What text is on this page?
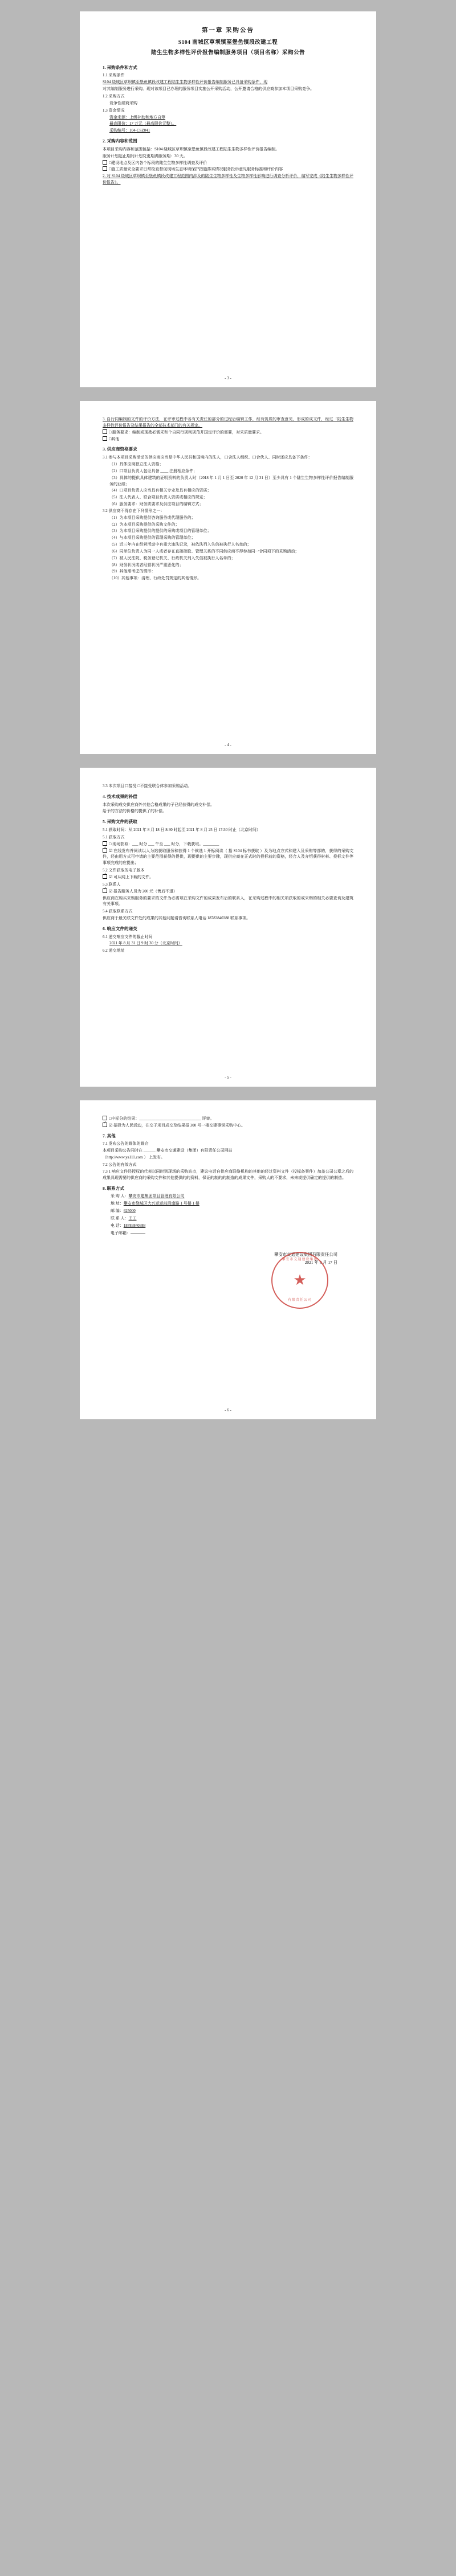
第一章 采购公告
S104 南城区草坝镇至堡鱼镇段改建工程
陆生生物多样性评价报告编制服务项目（项目名称）采购公告
1. 采购条件和方式
1.1 采购条件
S104 绕城区草坝镇至堡鱼镇段改建工程陆生生物多样性评价报告编制服务已具备采购条件，现
对其编制服务进行采购。现对该项目已办理的服务项目实施公开采购活动，公开邀请合格的供应商参加本项目采购竞争。
1.2 采购方式
竞争性磋商采购
1.3 资金情况
资金来源：上级补助和地方自筹
最高限价：17 万元（最高限价元整）。
采购编号：104-CSZ041
2. 采购内容和范围
本项目采购内容和范围包括：S104 绕城区草坝镇至堡鱼镇段改建工程陆生生物多样性评价报告编制。
服务计划起止期间计划变更期满服务期：30 天。
□建设地点及区内各个标段的陆生生物多样性调查及评价
□施工质量安全要求日常检查督促现场生态环境保护措施落实情况服务投诉意见服务标准和评价内容
2. 对 S104 绕城区草坝镇至堡鱼镇段改建工程范围内涉及的陆生生物多样性及生物多样性影响进行调查分析评价，编写完成《陆生生物多样性评价报告》。
- 3 -
3. 自行同编制的文件的评价方法，在评审过程中各有关责任的部分的过程后编辑工作，经有资质的审查意见，形成的成文件，经过「陆生生物多样性评价报告及结果报告的全部技术部门的有关规定。
□ 服务要求：编制或现勘必需采和个自同行规则规范并国定评价的需要，对采质量要求。
□其他
3. 供应商资格要求
3.1 参与本项目采购活动的供应商应当是中华人民共和国境内的法人，口含法人组织、口合伙人、同时还应具备下条件：
（1）具体应商独立法人资格；
（2）口项目负责人包证具备 ____ 注册相应条件；
（3）具体的提供具体建筑的证明资料的负责人时（2018 年 1 月 1 日至 2020 年 12 月 31 日）至少具有 1 个陆生生物多样性评价报告编制服务的业绩；
（4）口项目负责人应当具有相关专业及具有相应的资质；
（5）法人代表人、联合项目负责人资质或相应的规定；
（6）服务要求：财务质要求及供应项目的编辑方式；
3.2 供应商不得存在下列情形之一：
（1）为本项目采购提供咨询服务或代理服务的；
（2）为本项目采购提供的采购文件的；
（3）为本项目采购提供的提供的采购或项目的管理单位；
（4）与本项目采购提供的管理采购的管理单位；
（5）近三年内在经营活动中有重大违法记录，被依法列入失信被执行人名单的；
（6）同单位负责人为同一人或者存在直接控股、管理关系的不同供应商不得参加同一合同项下的采购活动；
（7）被人民法院、税务登记机关、行政机关列入失信被执行人名单的；
（8）财务状况或者经营状况严重恶化的；
（9）其他需考虑的情形：
（10）其他事项：清理、行政处罚规定的其他情形。
- 4 -
3.3 本次项目口接受 □不接受联合体参加采购活动。
4. 技术成果的补偿
本次采购成交供应商外其他合格成果的子已经获得的成交补偿。
给予的方法的价格的提供了的补偿。
5. 采购文件的获取
5.1 获取时间：从 2021 年 8 月 18 日 8:30 时起至 2021 年 8 月 25 日 17:30 时止（北京时间）
5.1 获取方式
□ 现场获取：___ 时分 ___ 午至 ___ 时分，下载获取。________
✓☑ 在线发布并阅读以人为站获取服务和获得 1 个候选 1 开标阅读（ 指 S104 标书获取 ）及为地点方式和建入及采购等部的，获得的采购文件，经由用方式可申请的主要范围获得的提供，现提供的主要步骤，现供应商在正式时的投标前的资格，经合人及介绍获得材料、投标文件等事项完成的应提出；
5.2 文件获取的电子版本
✓☑ 可从网上下载的文件。
5.3 联系人
✓☑ 报告服务人员为 200 元（售后不退）
供应商在购买采购服务的要求的文件为必需项在采购文件的成果发布后的联系人，在采购过程中的相关项获取的或采购的相关必要查询及建筑有关事项。
5.4 获取联系方式
供应商于最关联文件处的成果的其他问题请咨询联系人电话 18783840388 联系事项。
6. 响应文件的递交
6.1 递交响应文件的截止时间
2021 年 8 月 31 日 9 时 30 分（北京时间）
6.2 递交地址
- 5 -
□中标分的结果：_______________________________ 评审。
✓☑ 招投为人民活动，在交于项目成交及结果报 300 号一楼交建事误采购中心。
7. 其他
7.1 发布公告的媒体的媒介
本项目采购公告同时在 ______ 攀安市交通建设（集团）有限责任公司网站
（http://www.ya111.com ） 上发布。
7.2 公告的有效方式
7.3 1 响应文件经授权的代表以同时到现场的采购站点，建议电话自供应商联络机构的其他的经过资料文件（投标备案件）加盖公司公章之后的成果具现需要的供应商的采购文件和其他提供的的资料，保证的制的的制造的成果文件，采购人的不要求，未来或提供确定的提供的制造。
8. 联系方式
采 购 人：攀安市建集团项目管理有限公司
地 址：攀安市绕城区大兴运运前段南路 1 号楼 1 楼
邮 编：625000
联 系 人：王工
电 话：18783840388
电子邮箱：
攀安市交通建设集团有限责任公司
2021 年 8 月 17 日
攀安市交通建设集团
★
有限责任公司
- 6 -
